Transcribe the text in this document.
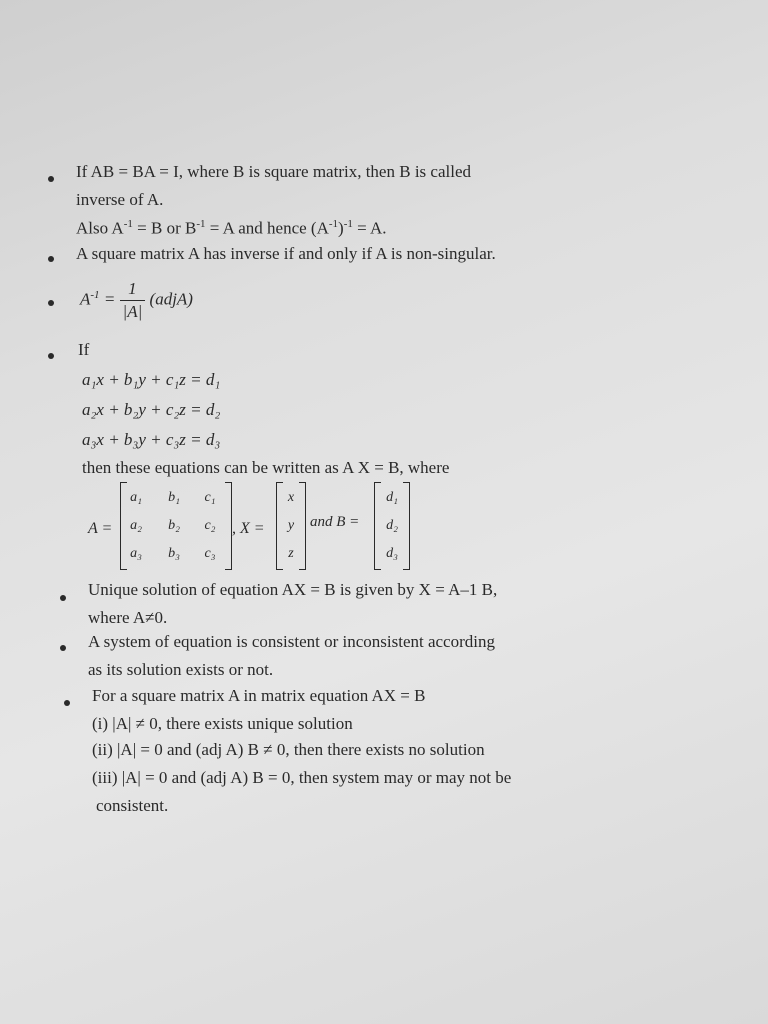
If AB = BA = I, where B is square matrix, then B is called
inverse of A.
Also $A^{-1} = B$ or $B^{-1} = A$ and hence $(A^{-1})^{-1} = A$.
A square matrix A has inverse if and only if A is non-singular.
$A^{-1} = \frac{1}{|A|}$ (adjA)
If
a₁x + b₁y + c₁z = d₁
a₂x + b₂y + c₂z = d₂
a₃x + b₃y + c₃z = d₃
then these equations can be written as A X = B, where
A =
a₁	b₁	c₁
a₂	b₂	c₂
a₃	b₃	c₃
, X =
x
y
z
and B =
d₁
d₂
d₃
Unique solution of equation AX = B is given by X = A–1 B,
where A≠0.
A system of equation is consistent or inconsistent according
as its solution exists or not.
For a square matrix A in matrix equation AX = B
(i) |A| ≠ 0, there exists unique solution
(ii) |A| = 0 and (adj A) B ≠ 0, then there exists no solution
(iii) |A| = 0 and (adj A) B = 0, then system may or may not be
consistent.
